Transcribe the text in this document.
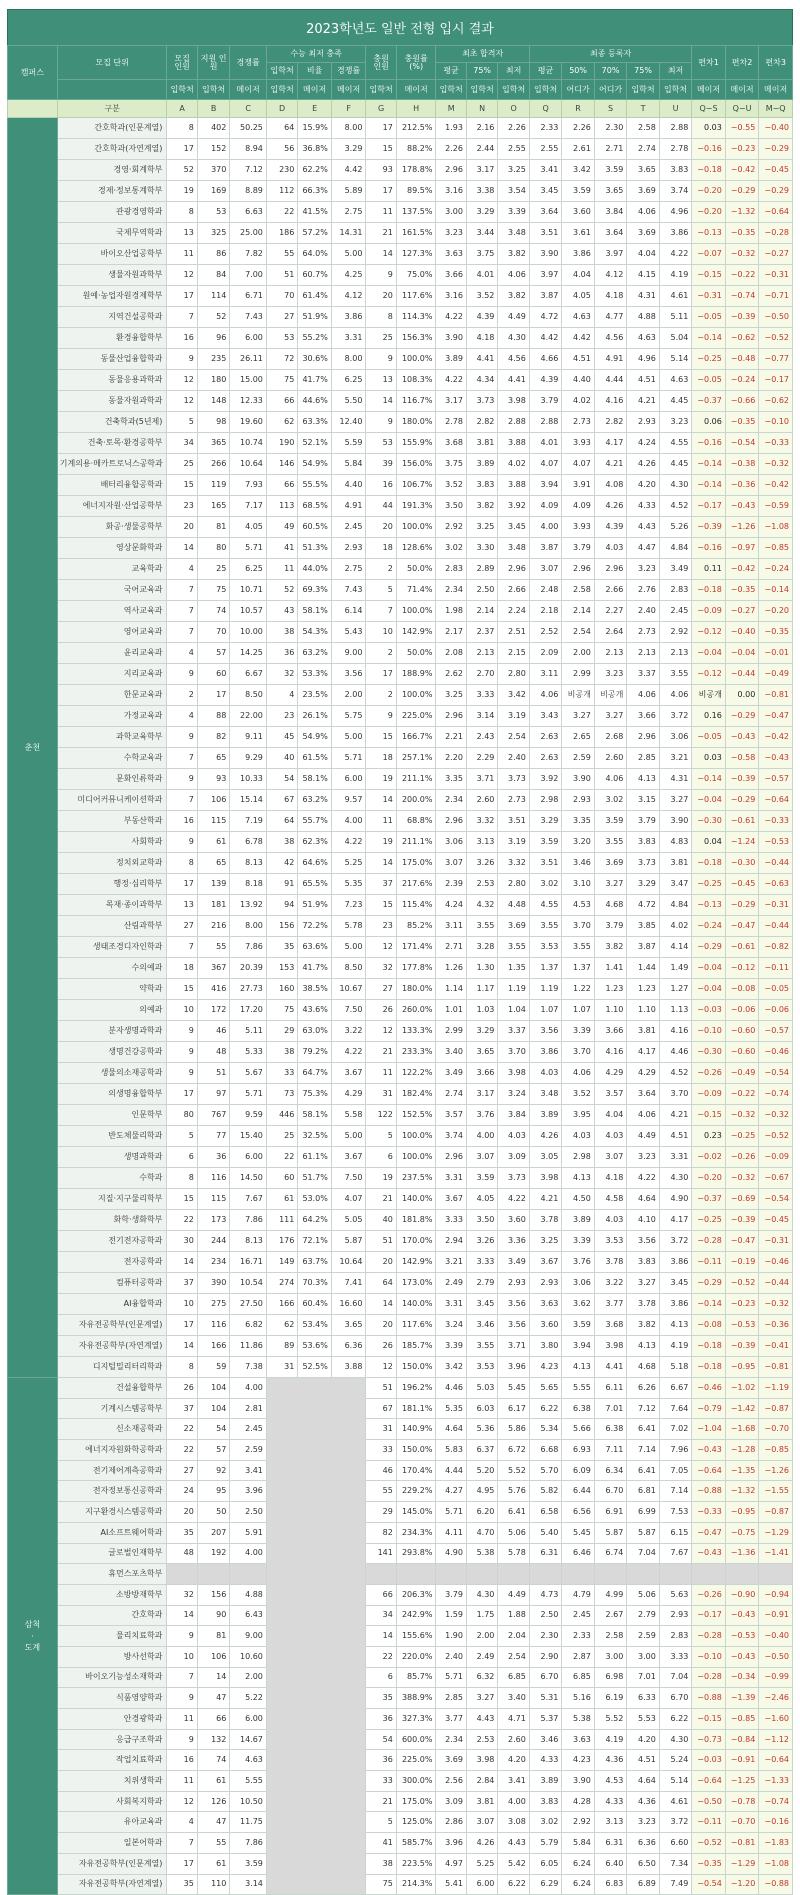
2023학년도 일반 전형 입시 결과
캠퍼스	모집 단위	모집 인원	지원 인원	경쟁률	수능 최저 충족			충원 인원	충원률 (%)	최초 합격자			최종 등록자					편차1	편차2	편차3
					입학처	비율	경쟁률			평균	75%	최저	평균	50%	70%	75%	최저			
		입학처	입학처	메이저	입학처	메이저	메이저	입학처	메이저	입학처	입학처	입학처	입학처	어디가	어디가	입학처	입학처	메이저	메이저	메이저
	구분	A	B	C	D	E	F	G	H	M	N	O	Q	R	S	T	U	Q−S	Q−U	M−Q
춘천	간호학과(인문계열)	8	402	50.25	64	15.9%	8.00	17	212.5%	1.93	2.16	2.26	2.33	2.26	2.30	2.58	2.88	0.03	−0.55	−0.40
	간호학과(자연계열)	17	152	8.94	56	36.8%	3.29	15	88.2%	2.26	2.44	2.55	2.55	2.61	2.71	2.74	2.78	−0.16	−0.23	−0.29
	경영·회계학부	52	370	7.12	230	62.2%	4.42	93	178.8%	2.96	3.17	3.25	3.41	3.42	3.59	3.65	3.83	−0.18	−0.42	−0.45
	경제·정보통계학부	19	169	8.89	112	66.3%	5.89	17	89.5%	3.16	3.38	3.54	3.45	3.59	3.65	3.69	3.74	−0.20	−0.29	−0.29
	관광경영학과	8	53	6.63	22	41.5%	2.75	11	137.5%	3.00	3.29	3.39	3.64	3.60	3.84	4.06	4.96	−0.20	−1.32	−0.64
	국제무역학과	13	325	25.00	186	57.2%	14.31	21	161.5%	3.23	3.44	3.48	3.51	3.61	3.64	3.69	3.86	−0.13	−0.35	−0.28
	바이오산업공학부	11	86	7.82	55	64.0%	5.00	14	127.3%	3.63	3.75	3.82	3.90	3.86	3.97	4.04	4.22	−0.07	−0.32	−0.27
	생물자원과학부	12	84	7.00	51	60.7%	4.25	9	75.0%	3.66	4.01	4.06	3.97	4.04	4.12	4.15	4.19	−0.15	−0.22	−0.31
	원예·농업자원경제학부	17	114	6.71	70	61.4%	4.12	20	117.6%	3.16	3.52	3.82	3.87	4.05	4.18	4.31	4.61	−0.31	−0.74	−0.71
	지역건설공학과	7	52	7.43	27	51.9%	3.86	8	114.3%	4.22	4.39	4.49	4.72	4.63	4.77	4.88	5.11	−0.05	−0.39	−0.50
	환경융합학부	16	96	6.00	53	55.2%	3.31	25	156.3%	3.90	4.18	4.30	4.42	4.42	4.56	4.63	5.04	−0.14	−0.62	−0.52
	동물산업융합학과	9	235	26.11	72	30.6%	8.00	9	100.0%	3.89	4.41	4.56	4.66	4.51	4.91	4.96	5.14	−0.25	−0.48	−0.77
	동물응용과학과	12	180	15.00	75	41.7%	6.25	13	108.3%	4.22	4.34	4.41	4.39	4.40	4.44	4.51	4.63	−0.05	−0.24	−0.17
	동물자원과학과	12	148	12.33	66	44.6%	5.50	14	116.7%	3.17	3.73	3.98	3.79	4.02	4.16	4.21	4.45	−0.37	−0.66	−0.62
	건축학과(5년제)	5	98	19.60	62	63.3%	12.40	9	180.0%	2.78	2.82	2.88	2.88	2.73	2.82	2.93	3.23	0.06	−0.35	−0.10
	건축·토목·환경공학부	34	365	10.74	190	52.1%	5.59	53	155.9%	3.68	3.81	3.88	4.01	3.93	4.17	4.24	4.55	−0.16	−0.54	−0.33
	기계의용·메카트로닉스공학과	25	266	10.64	146	54.9%	5.84	39	156.0%	3.75	3.89	4.02	4.07	4.07	4.21	4.26	4.45	−0.14	−0.38	−0.32
	배터리융합공학과	15	119	7.93	66	55.5%	4.40	16	106.7%	3.52	3.83	3.88	3.94	3.91	4.08	4.20	4.30	−0.14	−0.36	−0.42
	에너지자원·산업공학부	23	165	7.17	113	68.5%	4.91	44	191.3%	3.50	3.82	3.92	4.09	4.09	4.26	4.33	4.52	−0.17	−0.43	−0.59
	화공·생물공학부	20	81	4.05	49	60.5%	2.45	20	100.0%	2.92	3.25	3.45	4.00	3.93	4.39	4.43	5.26	−0.39	−1.26	−1.08
	영상문화학과	14	80	5.71	41	51.3%	2.93	18	128.6%	3.02	3.30	3.48	3.87	3.79	4.03	4.47	4.84	−0.16	−0.97	−0.85
	교육학과	4	25	6.25	11	44.0%	2.75	2	50.0%	2.83	2.89	2.96	3.07	2.96	2.96	3.23	3.49	0.11	−0.42	−0.24
	국어교육과	7	75	10.71	52	69.3%	7.43	5	71.4%	2.34	2.50	2.66	2.48	2.58	2.66	2.76	2.83	−0.18	−0.35	−0.14
	역사교육과	7	74	10.57	43	58.1%	6.14	7	100.0%	1.98	2.14	2.24	2.18	2.14	2.27	2.40	2.45	−0.09	−0.27	−0.20
	영어교육과	7	70	10.00	38	54.3%	5.43	10	142.9%	2.17	2.37	2.51	2.52	2.54	2.64	2.73	2.92	−0.12	−0.40	−0.35
	윤리교육과	4	57	14.25	36	63.2%	9.00	2	50.0%	2.08	2.13	2.15	2.09	2.00	2.13	2.13	2.13	−0.04	−0.04	−0.01
	지리교육과	9	60	6.67	32	53.3%	3.56	17	188.9%	2.62	2.70	2.80	3.11	2.99	3.23	3.37	3.55	−0.12	−0.44	−0.49
	한문교육과	2	17	8.50	4	23.5%	2.00	2	100.0%	3.25	3.33	3.42	4.06	비공개	비공개	4.06	4.06	비공개	0.00	−0.81
	가정교육과	4	88	22.00	23	26.1%	5.75	9	225.0%	2.96	3.14	3.19	3.43	3.27	3.27	3.66	3.72	0.16	−0.29	−0.47
	과학교육학부	9	82	9.11	45	54.9%	5.00	15	166.7%	2.21	2.43	2.54	2.63	2.65	2.68	2.96	3.06	−0.05	−0.43	−0.42
	수학교육과	7	65	9.29	40	61.5%	5.71	18	257.1%	2.20	2.29	2.40	2.63	2.59	2.60	2.85	3.21	0.03	−0.58	−0.43
	문화인류학과	9	93	10.33	54	58.1%	6.00	19	211.1%	3.35	3.71	3.73	3.92	3.90	4.06	4.13	4.31	−0.14	−0.39	−0.57
	미디어커뮤니케이션학과	7	106	15.14	67	63.2%	9.57	14	200.0%	2.34	2.60	2.73	2.98	2.93	3.02	3.15	3.27	−0.04	−0.29	−0.64
	부동산학과	16	115	7.19	64	55.7%	4.00	11	68.8%	2.96	3.32	3.51	3.29	3.35	3.59	3.79	3.90	−0.30	−0.61	−0.33
	사회학과	9	61	6.78	38	62.3%	4.22	19	211.1%	3.06	3.13	3.19	3.59	3.20	3.55	3.83	4.83	0.04	−1.24	−0.53
	정치외교학과	8	65	8.13	42	64.6%	5.25	14	175.0%	3.07	3.26	3.32	3.51	3.46	3.69	3.73	3.81	−0.18	−0.30	−0.44
	행정·심리학부	17	139	8.18	91	65.5%	5.35	37	217.6%	2.39	2.53	2.80	3.02	3.10	3.27	3.29	3.47	−0.25	−0.45	−0.63
	목재·종이과학부	13	181	13.92	94	51.9%	7.23	15	115.4%	4.24	4.32	4.48	4.55	4.53	4.68	4.72	4.84	−0.13	−0.29	−0.31
	산림과학부	27	216	8.00	156	72.2%	5.78	23	85.2%	3.11	3.55	3.69	3.55	3.70	3.79	3.85	4.02	−0.24	−0.47	−0.44
	생태조경디자인학과	7	55	7.86	35	63.6%	5.00	12	171.4%	2.71	3.28	3.55	3.53	3.55	3.82	3.87	4.14	−0.29	−0.61	−0.82
	수의예과	18	367	20.39	153	41.7%	8.50	32	177.8%	1.26	1.30	1.35	1.37	1.37	1.41	1.44	1.49	−0.04	−0.12	−0.11
	약학과	15	416	27.73	160	38.5%	10.67	27	180.0%	1.14	1.17	1.19	1.19	1.22	1.23	1.23	1.27	−0.04	−0.08	−0.05
	의예과	10	172	17.20	75	43.6%	7.50	26	260.0%	1.01	1.03	1.04	1.07	1.07	1.10	1.10	1.13	−0.03	−0.06	−0.06
	분자생명과학과	9	46	5.11	29	63.0%	3.22	12	133.3%	2.99	3.29	3.37	3.56	3.39	3.66	3.81	4.16	−0.10	−0.60	−0.57
	생명건강공학과	9	48	5.33	38	79.2%	4.22	21	233.3%	3.40	3.65	3.70	3.86	3.70	4.16	4.17	4.46	−0.30	−0.60	−0.46
	생물의소재공학과	9	51	5.67	33	64.7%	3.67	11	122.2%	3.49	3.66	3.98	4.03	4.06	4.29	4.29	4.52	−0.26	−0.49	−0.54
	의생명융합학부	17	97	5.71	73	75.3%	4.29	31	182.4%	2.74	3.17	3.24	3.48	3.52	3.57	3.64	3.70	−0.09	−0.22	−0.74
	인문학부	80	767	9.59	446	58.1%	5.58	122	152.5%	3.57	3.76	3.84	3.89	3.95	4.04	4.06	4.21	−0.15	−0.32	−0.32
	반도체물리학과	5	77	15.40	25	32.5%	5.00	5	100.0%	3.74	4.00	4.03	4.26	4.03	4.03	4.49	4.51	0.23	−0.25	−0.52
	생명과학과	6	36	6.00	22	61.1%	3.67	6	100.0%	2.96	3.07	3.09	3.05	2.98	3.07	3.23	3.31	−0.02	−0.26	−0.09
	수학과	8	116	14.50	60	51.7%	7.50	19	237.5%	3.31	3.59	3.73	3.98	4.13	4.18	4.22	4.30	−0.20	−0.32	−0.67
	지질·지구물리학부	15	115	7.67	61	53.0%	4.07	21	140.0%	3.67	4.05	4.22	4.21	4.50	4.58	4.64	4.90	−0.37	−0.69	−0.54
	화학·생화학부	22	173	7.86	111	64.2%	5.05	40	181.8%	3.33	3.50	3.60	3.78	3.89	4.03	4.10	4.17	−0.25	−0.39	−0.45
	전기전자공학과	30	244	8.13	176	72.1%	5.87	51	170.0%	2.94	3.26	3.36	3.25	3.39	3.53	3.56	3.72	−0.28	−0.47	−0.31
	전자공학과	14	234	16.71	149	63.7%	10.64	20	142.9%	3.21	3.33	3.49	3.67	3.76	3.78	3.83	3.86	−0.11	−0.19	−0.46
	컴퓨터공학과	37	390	10.54	274	70.3%	7.41	64	173.0%	2.49	2.79	2.93	2.93	3.06	3.22	3.27	3.45	−0.29	−0.52	−0.44
	AI융합학과	10	275	27.50	166	60.4%	16.60	14	140.0%	3.31	3.45	3.56	3.63	3.62	3.77	3.78	3.86	−0.14	−0.23	−0.32
	자유전공학부(인문계열)	17	116	6.82	62	53.4%	3.65	20	117.6%	3.24	3.46	3.56	3.60	3.59	3.68	3.82	4.13	−0.08	−0.53	−0.36
	자유전공학부(자연계열)	14	166	11.86	89	53.6%	6.36	26	185.7%	3.39	3.55	3.71	3.80	3.94	3.98	4.13	4.19	−0.18	−0.39	−0.41
	디지털밀리터리학과	8	59	7.38	31	52.5%	3.88	12	150.0%	3.42	3.53	3.96	4.23	4.13	4.41	4.68	5.18	−0.18	−0.95	−0.81
삼척
·
도계	건설융합학부	26	104	4.00				51	196.2%	4.46	5.03	5.45	5.65	5.55	6.11	6.26	6.67	−0.46	−1.02	−1.19
	기계시스템공학부	37	104	2.81				67	181.1%	5.35	6.03	6.17	6.22	6.38	7.01	7.12	7.64	−0.79	−1.42	−0.87
	신소재공학과	22	54	2.45				31	140.9%	4.64	5.36	5.86	5.34	5.66	6.38	6.41	7.02	−1.04	−1.68	−0.70
	에너지자원화학공학과	22	57	2.59				33	150.0%	5.83	6.37	6.72	6.68	6.93	7.11	7.14	7.96	−0.43	−1.28	−0.85
	전기제어계측공학과	27	92	3.41				46	170.4%	4.44	5.20	5.52	5.70	6.09	6.34	6.41	7.05	−0.64	−1.35	−1.26
	전자정보통신공학과	24	95	3.96				55	229.2%	4.27	4.95	5.76	5.82	6.44	6.70	6.81	7.14	−0.88	−1.32	−1.55
	지구환경시스템공학과	20	50	2.50				29	145.0%	5.71	6.20	6.41	6.58	6.56	6.91	6.99	7.53	−0.33	−0.95	−0.87
	AI소프트웨어학과	35	207	5.91				82	234.3%	4.11	4.70	5.06	5.40	5.45	5.87	5.87	6.15	−0.47	−0.75	−1.29
	글로벌인재학부	48	192	4.00				141	293.8%	4.90	5.38	5.78	6.31	6.46	6.74	7.04	7.67	−0.43	−1.36	−1.41
	휴먼스포츠학부																			
	소방방재학부	32	156	4.88				66	206.3%	3.79	4.30	4.49	4.73	4.79	4.99	5.06	5.63	−0.26	−0.90	−0.94
	간호학과	14	90	6.43				34	242.9%	1.59	1.75	1.88	2.50	2.45	2.67	2.79	2.93	−0.17	−0.43	−0.91
	물리치료학과	9	81	9.00				14	155.6%	1.90	2.00	2.04	2.30	2.33	2.58	2.59	2.83	−0.28	−0.53	−0.40
	방사선학과	10	106	10.60				22	220.0%	2.40	2.49	2.54	2.90	2.87	3.00	3.00	3.33	−0.10	−0.43	−0.50
	바이오기능성소재학과	7	14	2.00				6	85.7%	5.71	6.32	6.85	6.70	6.85	6.98	7.01	7.04	−0.28	−0.34	−0.99
	식품영양학과	9	47	5.22				35	388.9%	2.85	3.27	3.40	5.31	5.16	6.19	6.33	6.70	−0.88	−1.39	−2.46
	안경광학과	11	66	6.00				36	327.3%	3.77	4.43	4.71	5.37	5.38	5.52	5.53	6.22	−0.15	−0.85	−1.60
	응급구조학과	9	132	14.67				54	600.0%	2.34	2.53	2.60	3.46	3.63	4.19	4.20	4.30	−0.73	−0.84	−1.12
	작업치료학과	16	74	4.63				36	225.0%	3.69	3.98	4.20	4.33	4.23	4.36	4.51	5.24	−0.03	−0.91	−0.64
	치위생학과	11	61	5.55				33	300.0%	2.56	2.84	3.41	3.89	3.90	4.53	4.64	5.14	−0.64	−1.25	−1.33
	사회복지학과	12	126	10.50				21	175.0%	3.09	3.81	4.00	3.83	4.28	4.33	4.36	4.61	−0.50	−0.78	−0.74
	유아교육과	4	47	11.75				5	125.0%	2.86	3.07	3.08	3.02	2.92	3.13	3.23	3.72	−0.11	−0.70	−0.16
	일본어학과	7	55	7.86				41	585.7%	3.96	4.26	4.43	5.79	5.84	6.31	6.36	6.60	−0.52	−0.81	−1.83
	자유전공학부(인문계열)	17	61	3.59				38	223.5%	4.97	5.25	5.42	6.05	6.24	6.40	6.50	7.34	−0.35	−1.29	−1.08
	자유전공학부(자연계열)	35	110	3.14				75	214.3%	5.41	6.00	6.22	6.29	6.24	6.83	6.89	7.49	−0.54	−1.20	−0.88
